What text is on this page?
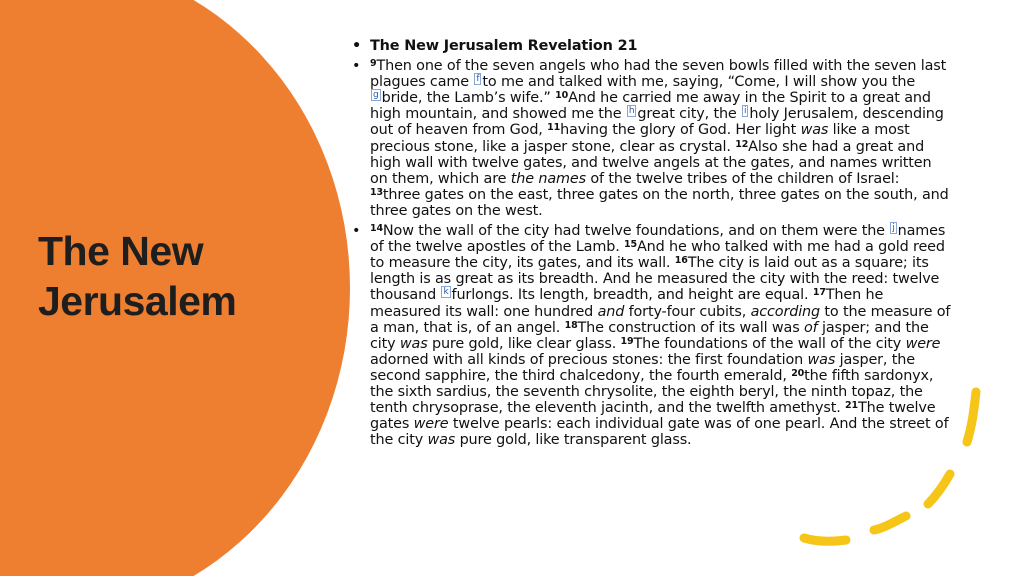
The New
Jerusalem
• The New Jerusalem Revelation 21
• $^9$Then one of the seven angels who had the seven bowls filled with the seven last plagues came $^f$ to me and talked with me, saying, “Come, I will show you the $^g$ bride, the Lamb’s wife.” $^{10}$And he carried me away in the Spirit to a great and high mountain, and showed me the $^h$ great city, the $^i$ holy Jerusalem, descending out of heaven from God, $^{11}$having the glory of God. Her light was like a most precious stone, like a jasper stone, clear as crystal. $^{12}$Also she had a great and high wall with twelve gates, and twelve angels at the gates, and names written on them, which are the names of the twelve tribes of the children of Israel: $^{13}$three gates on the east, three gates on the north, three gates on the south, and three gates on the west.
• $^{14}$Now the wall of the city had twelve foundations, and on them were the $^j$ names of the twelve apostles of the Lamb. $^{15}$And he who talked with me had a gold reed to measure the city, its gates, and its wall. $^{16}$The city is laid out as a square; its length is as great as its breadth. And he measured the city with the reed: twelve thousand $^k$ furlongs. Its length, breadth, and height are equal. $^{17}$Then he measured its wall: one hundred and forty-four cubits, according to the measure of a man, that is, of an angel. $^{18}$The construction of its wall was of jasper; and the city was pure gold, like clear glass. $^{19}$The foundations of the wall of the city were adorned with all kinds of precious stones: the first foundation was jasper, the second sapphire, the third chalcedony, the fourth emerald, $^{20}$the fifth sardonyx, the sixth sardius, the seventh chrysolite, the eighth beryl, the ninth topaz, the tenth chrysoprase, the eleventh jacinth, and the twelfth amethyst. $^{21}$The twelve gates were twelve pearls: each individual gate was of one pearl. And the street of the city was pure gold, like transparent glass.
